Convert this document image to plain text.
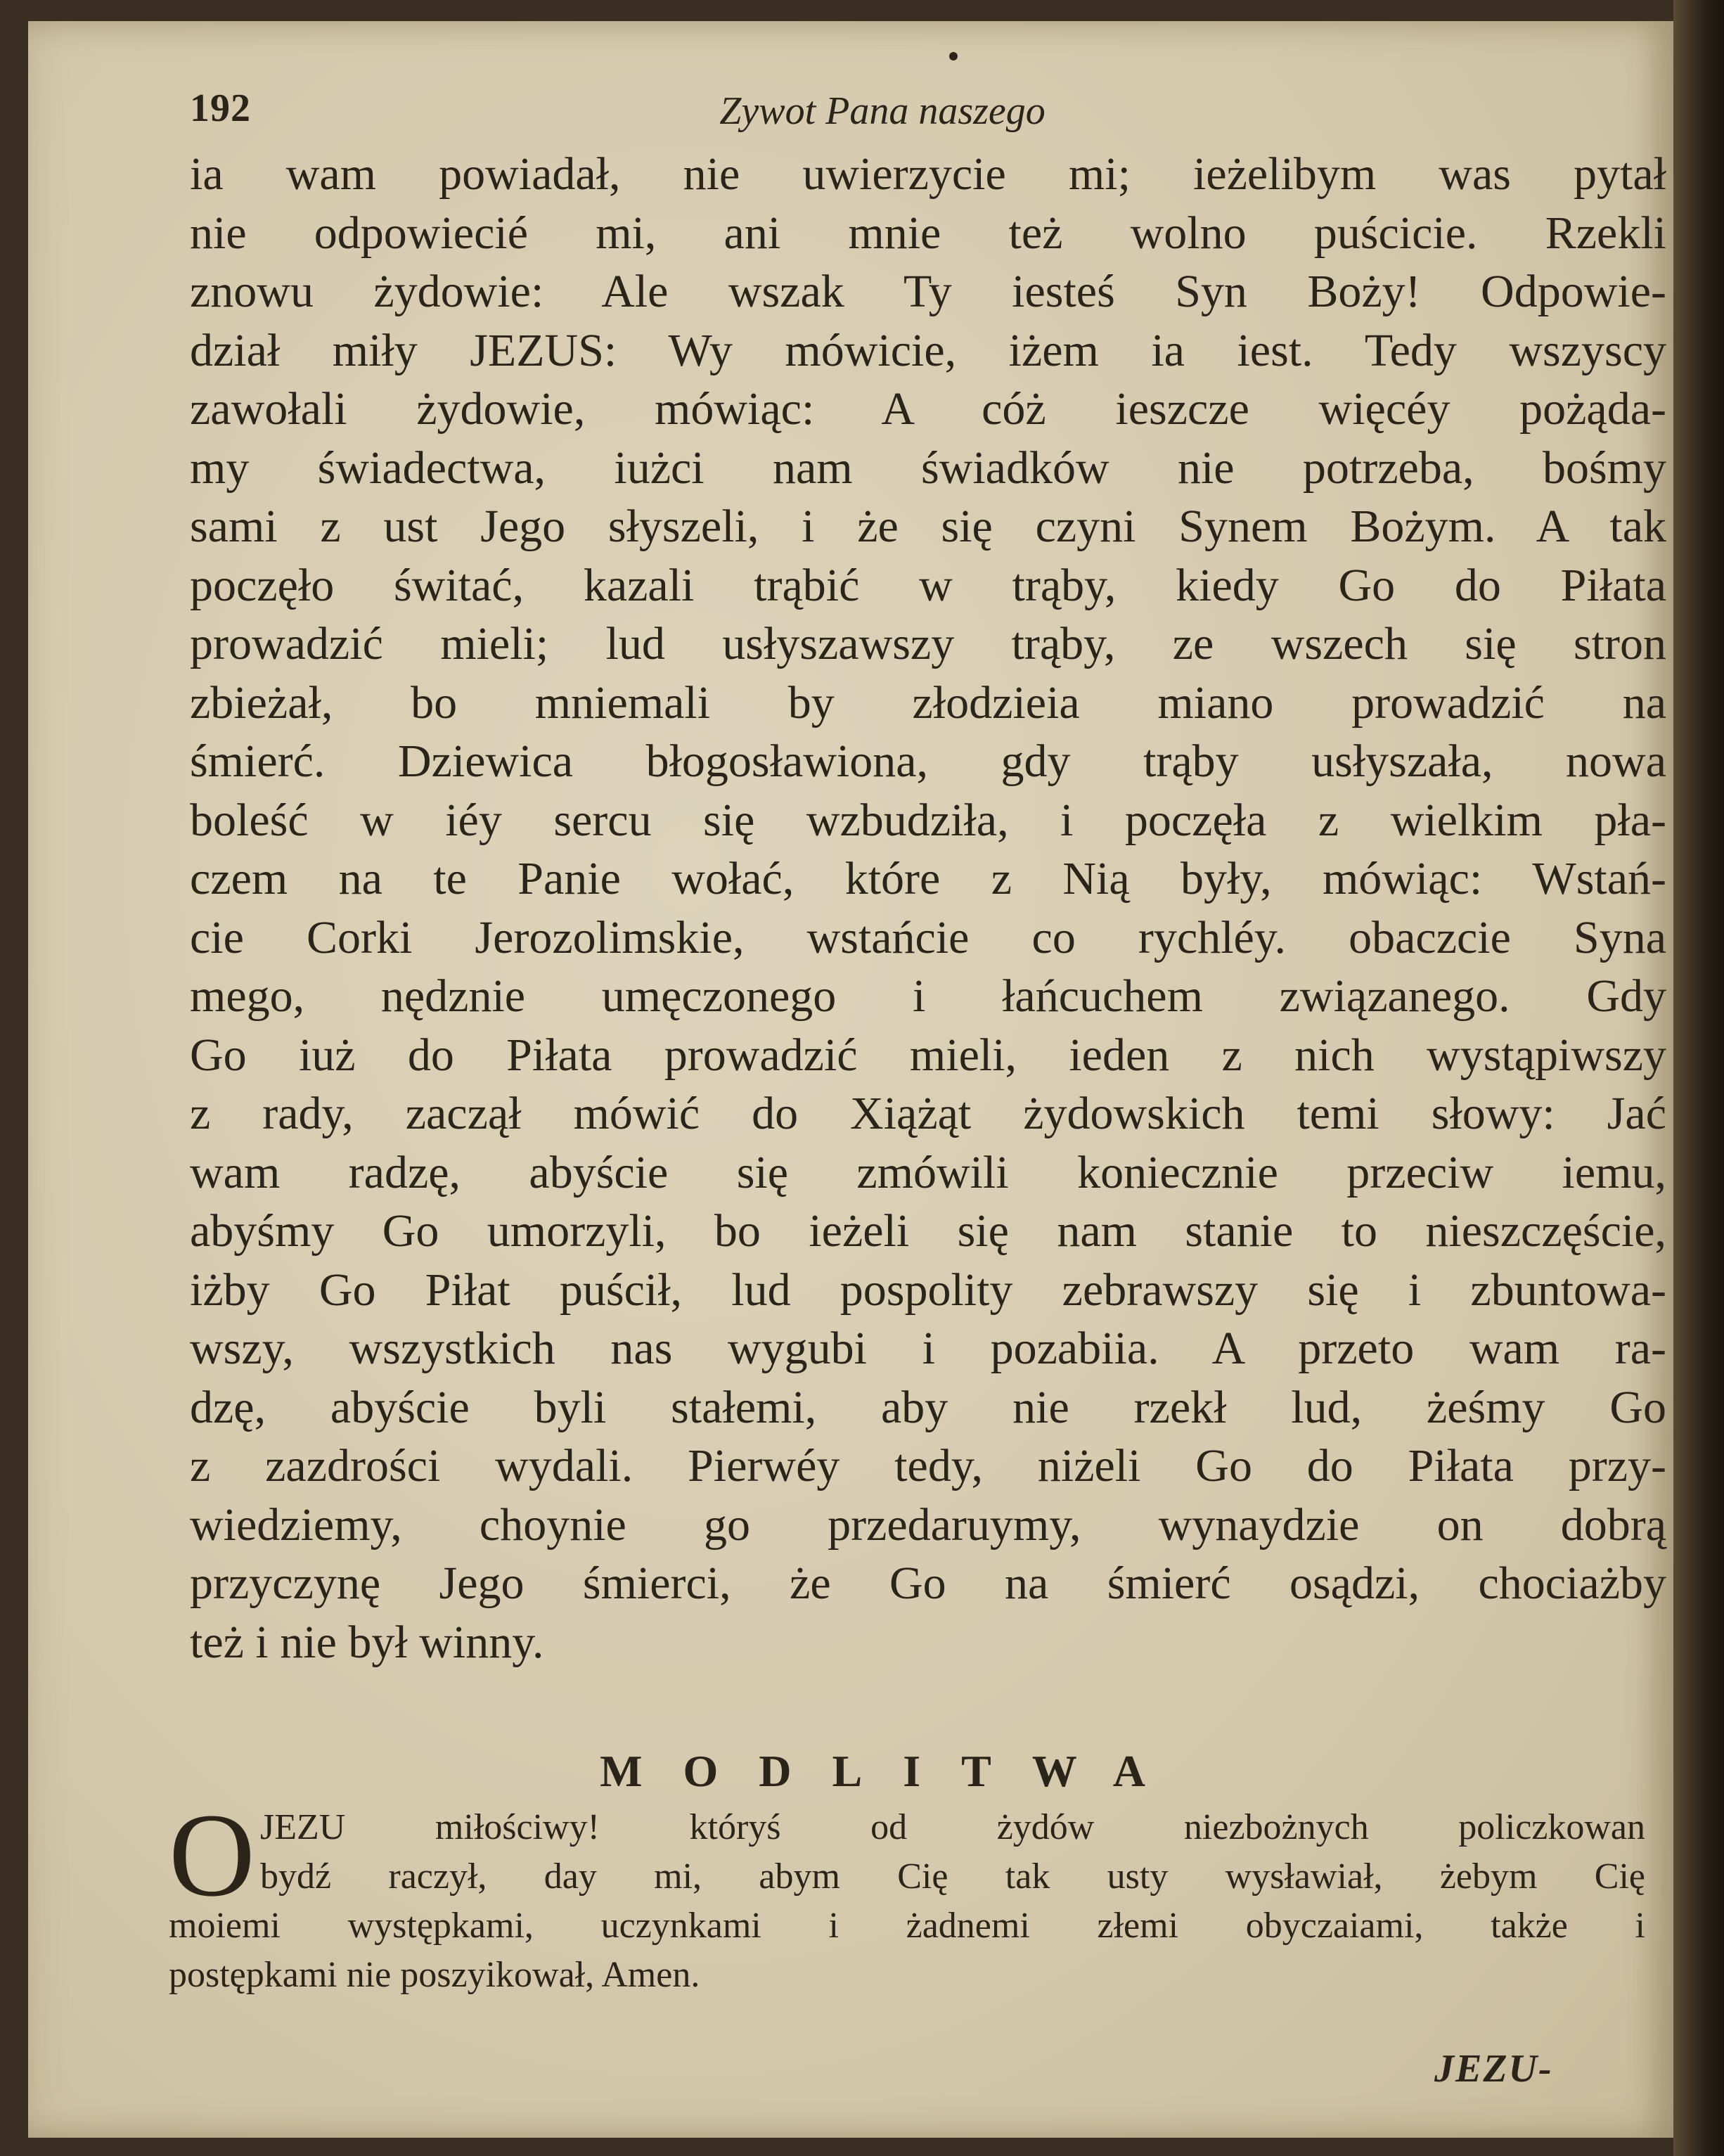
192	Zywot Pana naszego
ia wam powiadał, nie uwierzycie mi; ieżelibym was pytał
nie odpowiecié mi, ani mnie też wolno puścicie. Rzekli
znowu żydowie: Ale wszak Ty iesteś Syn Boży! Odpowie-
dział miły JEZUS: Wy mówicie, iżem ia iest. Tedy wszyscy
zawołali żydowie, mówiąc: A cóż ieszcze więcéy pożąda-
my świadectwa, iużci nam świadków nie potrzeba, bośmy
sami z ust Jego słyszeli, i że się czyni Synem Bożym. A tak
poczęło świtać, kazali trąbić w trąby, kiedy Go do Piłata
prowadzić mieli; lud usłyszawszy trąby, ze wszech się stron
zbieżał, bo mniemali by złodzieia miano prowadzić na
śmierć. Dziewica błogosławiona, gdy trąby usłyszała, nowa
boleść w iéy sercu się wzbudziła, i poczęła z wielkim pła-
czem na te Panie wołać, które z Nią były, mówiąc: Wstań-
cie Corki Jerozolimskie, wstańcie co rychléy. obaczcie Syna
mego, nędznie umęczonego i łańcuchem związanego. Gdy
Go iuż do Piłata prowadzić mieli, ieden z nich wystąpiwszy
z rady, zaczął mówić do Xiążąt żydowskich temi słowy: Jać
wam radzę, abyście się zmówili koniecznie przeciw iemu,
abyśmy Go umorzyli, bo ieżeli się nam stanie to nieszczęście,
iżby Go Piłat puścił, lud pospolity zebrawszy się i zbuntowa-
wszy, wszystkich nas wygubi i pozabiia. A przeto wam ra-
dzę, abyście byli stałemi, aby nie rzekł lud, żeśmy Go
z zazdrości wydali. Pierwéy tedy, niżeli Go do Piłata przy-
wiedziemy, choynie go przedaruymy, wynaydzie on dobrą
przyczynę Jego śmierci, że Go na śmierć osądzi, chociażby
też i nie był winny.
MODLITWA
O JEZU miłościwy! któryś od żydów niezbożnych policzkowan
bydź raczył, day mi, abym Cię tak usty wysławiał, żebym Cię
moiemi występkami, uczynkami i żadnemi złemi obyczaiami, także i
postępkami nie poszyikował, Amen.
JEZU-
